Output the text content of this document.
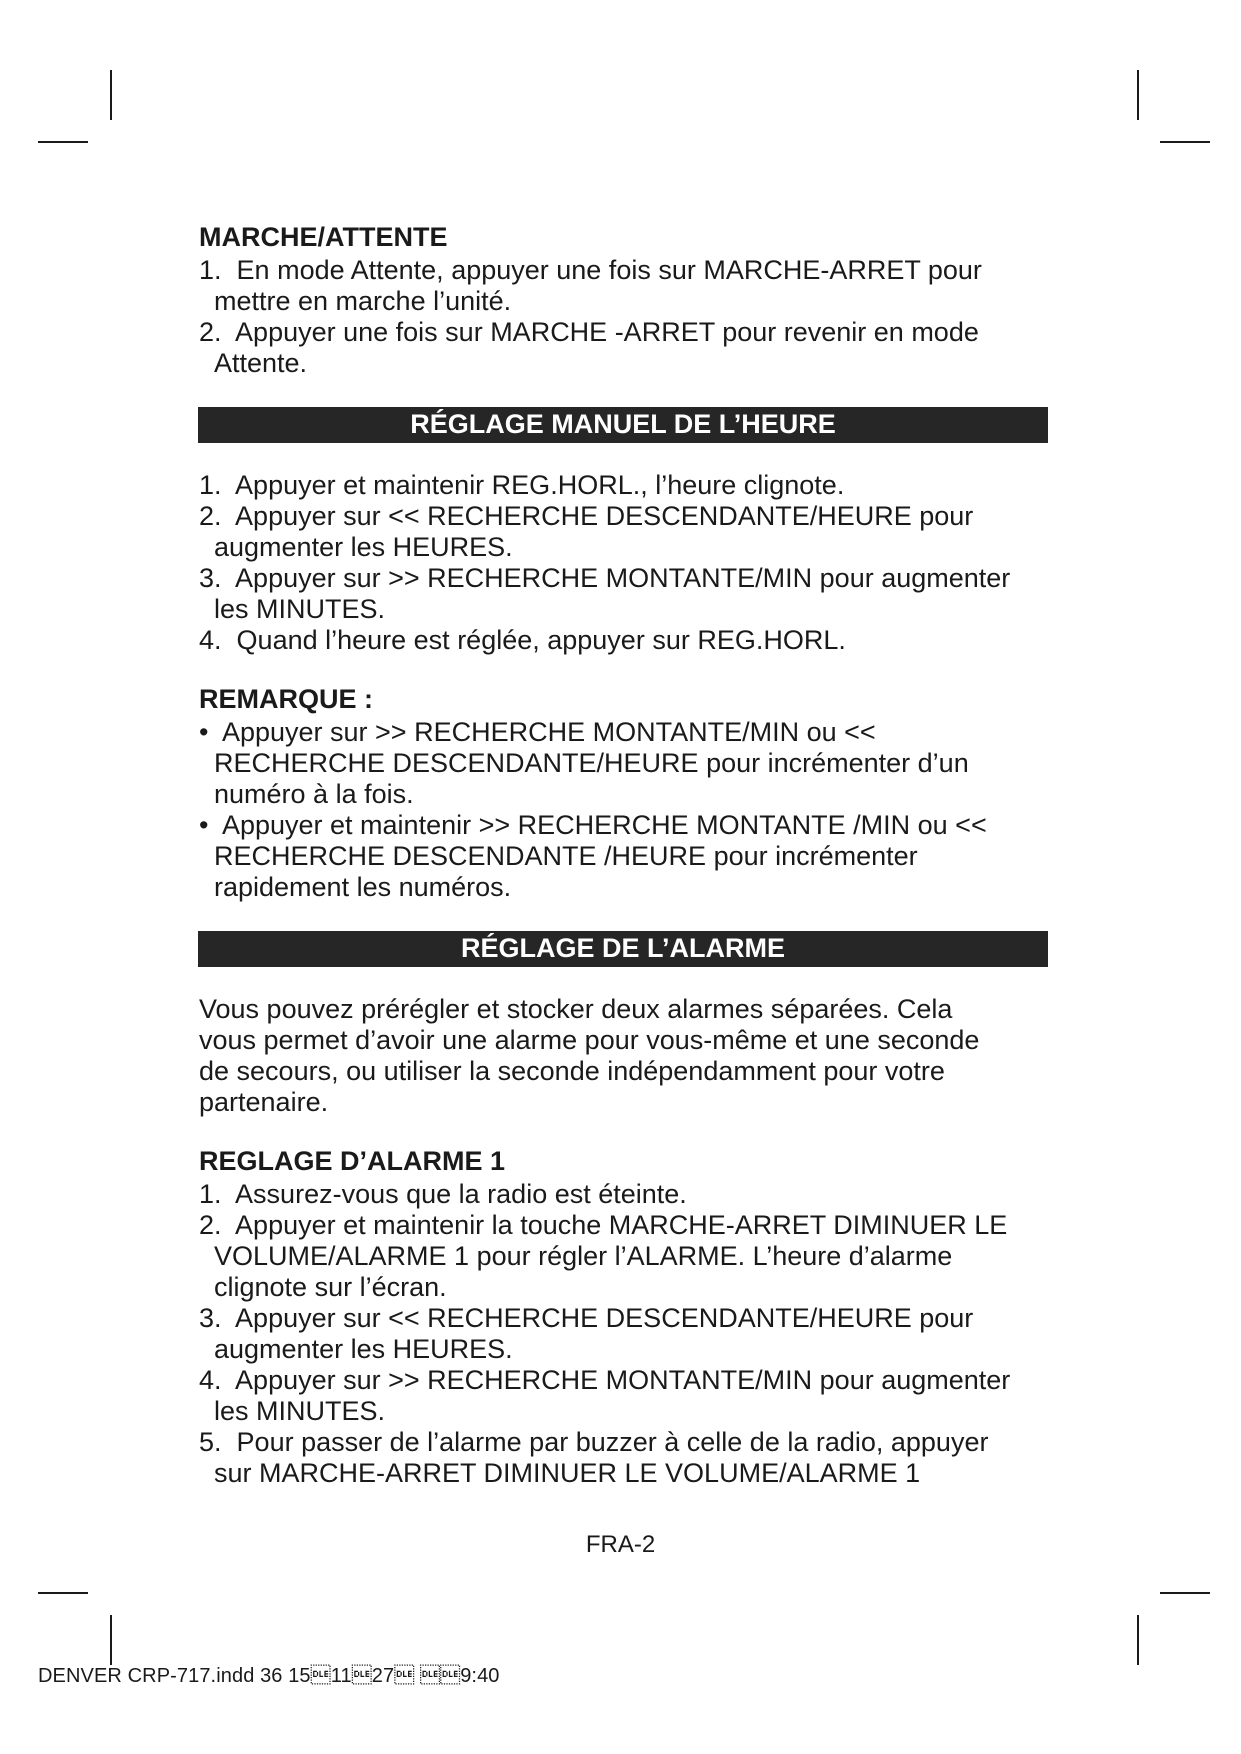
MARCHE/ATTENTE

1. En mode Attente, appuyer une fois sur MARCHE-ARRET pour
mettre en marche l’unité.
2. Appuyer une fois sur MARCHE -ARRET pour revenir en mode
Attente.
RÉGLAGE MANUEL DE L’HEURE
1. Appuyer et maintenir REG.HORL., l’heure clignote.
2. Appuyer sur << RECHERCHE DESCENDANTE/HEURE pour
augmenter les HEURES.
3. Appuyer sur >> RECHERCHE MONTANTE/MIN pour augmenter
les MINUTES.
4. Quand l’heure est réglée, appuyer sur REG.HORL.

REMARQUE :

• Appuyer sur >> RECHERCHE MONTANTE/MIN ou <<
RECHERCHE DESCENDANTE/HEURE pour incrémenter d’un
numéro à la fois.
• Appuyer et maintenir >> RECHERCHE MONTANTE /MIN ou <<
RECHERCHE DESCENDANTE /HEURE pour incrémenter
rapidement les numéros.
RÉGLAGE DE L’ALARME
Vous pouvez prérégler et stocker deux alarmes séparées. Cela
vous permet d’avoir une alarme pour vous-même et une seconde
de secours, ou utiliser la seconde indépendamment pour votre
partenaire.

REGLAGE D’ALARME 1

1. Assurez-vous que la radio est éteinte.
2. Appuyer et maintenir la touche MARCHE-ARRET DIMINUER LE
VOLUME/ALARME 1 pour régler l’ALARME. L’heure d’alarme
clignote sur l’écran.
3. Appuyer sur << RECHERCHE DESCENDANTE/HEURE pour
augmenter les HEURES.
4. Appuyer sur >> RECHERCHE MONTANTE/MIN pour augmenter
les MINUTES.
5. Pour passer de l’alarme par buzzer à celle de la radio, appuyer
sur MARCHE-ARRET DIMINUER LE VOLUME/ALARME 1
FRA-2
DENVER CRP-717.indd 36 151127 9:40
